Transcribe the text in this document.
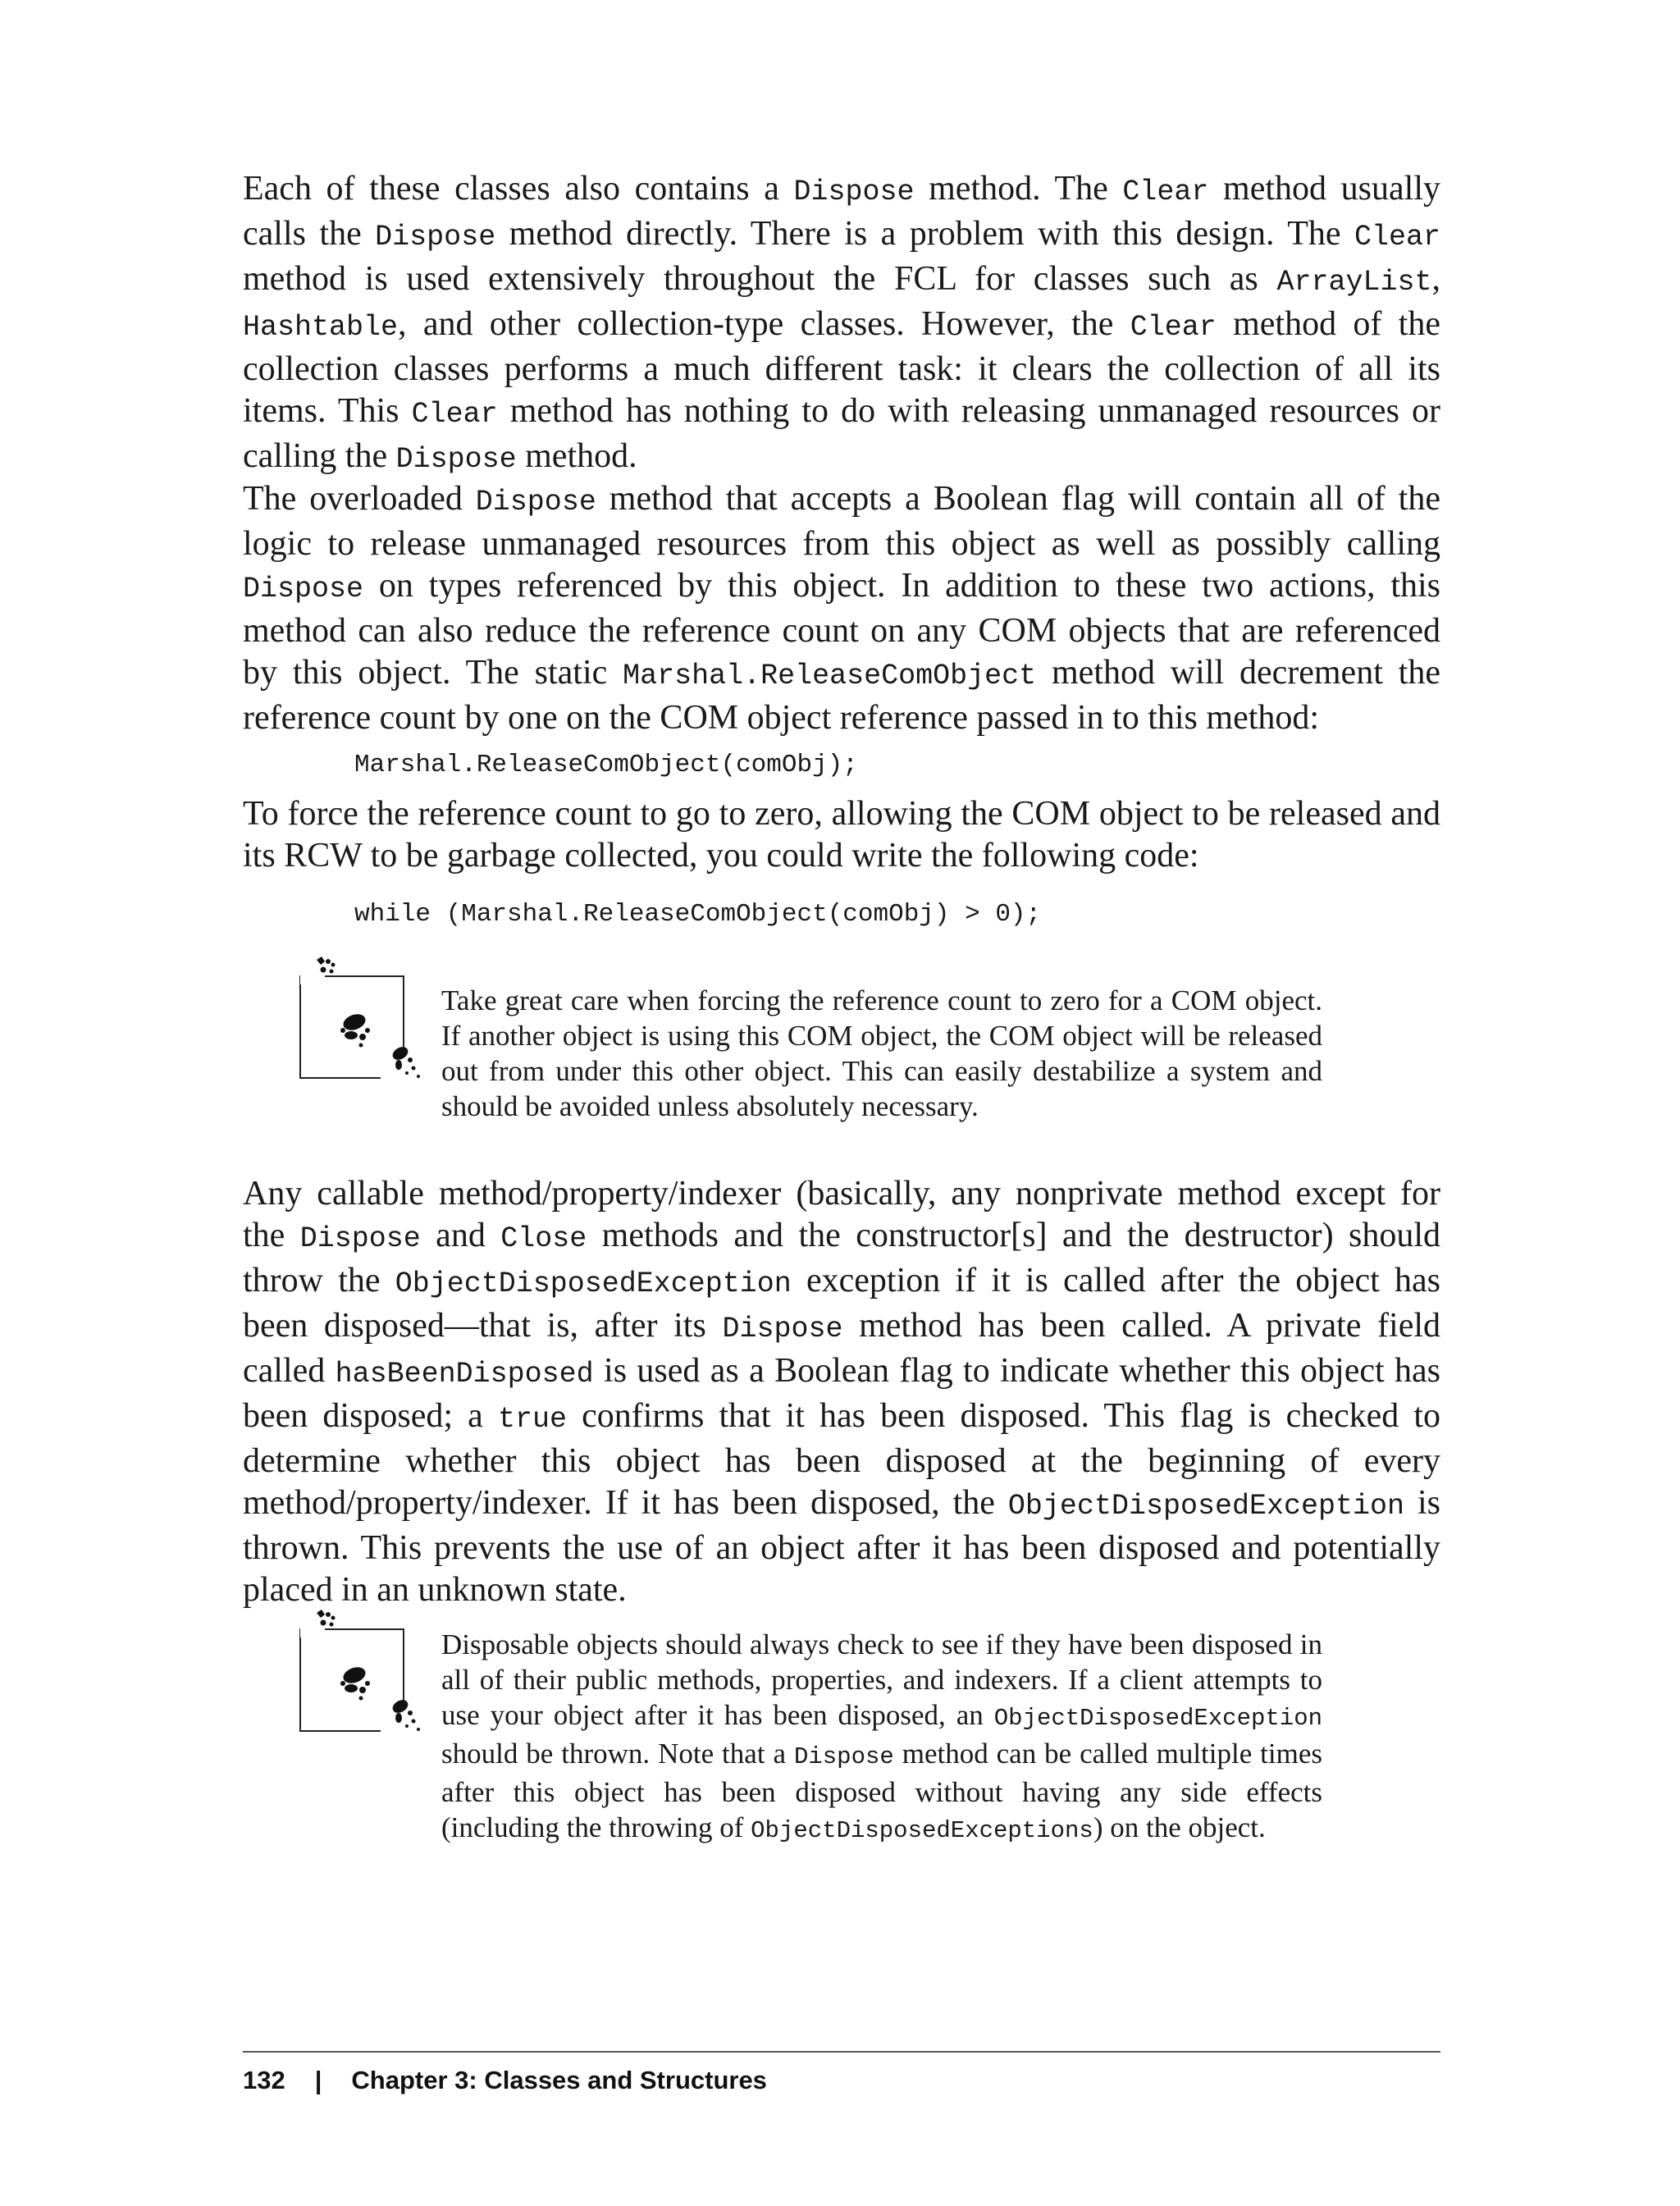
Each of these classes also contains a Dispose method. The Clear method usually calls the Dispose method directly. There is a problem with this design. The Clear method is used extensively throughout the FCL for classes such as ArrayList, Hashtable, and other collection-type classes. However, the Clear method of the collection classes performs a much different task: it clears the collection of all its items. This Clear method has nothing to do with releasing unmanaged resources or calling the Dispose method.

The overloaded Dispose method that accepts a Boolean flag will contain all of the logic to release unmanaged resources from this object as well as possibly calling Dispose on types referenced by this object. In addition to these two actions, this method can also reduce the reference count on any COM objects that are referenced by this object. The static Marshal.ReleaseComObject method will decrement the reference count by one on the COM object reference passed in to this method:

Marshal.ReleaseComObject(comObj);

To force the reference count to go to zero, allowing the COM object to be released and its RCW to be garbage collected, you could write the following code:

while (Marshal.ReleaseComObject(comObj) > 0);

Take great care when forcing the reference count to zero for a COM object. If another object is using this COM object, the COM object will be released out from under this other object. This can easily destabilize a system and should be avoided unless absolutely necessary.

Any callable method/property/indexer (basically, any nonprivate method except for the Dispose and Close methods and the constructor[s] and the destructor) should throw the ObjectDisposedException exception if it is called after the object has been disposed—that is, after its Dispose method has been called. A private field called hasBeenDisposed is used as a Boolean flag to indicate whether this object has been disposed; a true confirms that it has been disposed. This flag is checked to determine whether this object has been disposed at the beginning of every method/property/indexer. If it has been disposed, the ObjectDisposedException is thrown. This prevents the use of an object after it has been disposed and potentially placed in an unknown state.

Disposable objects should always check to see if they have been disposed in all of their public methods, properties, and indexers. If a client attempts to use your object after it has been disposed, an ObjectDisposedException should be thrown. Note that a Dispose method can be called multiple times after this object has been disposed without having any side effects (including the throwing of ObjectDisposedExceptions) on the object.

132 | Chapter 3: Classes and Structures
